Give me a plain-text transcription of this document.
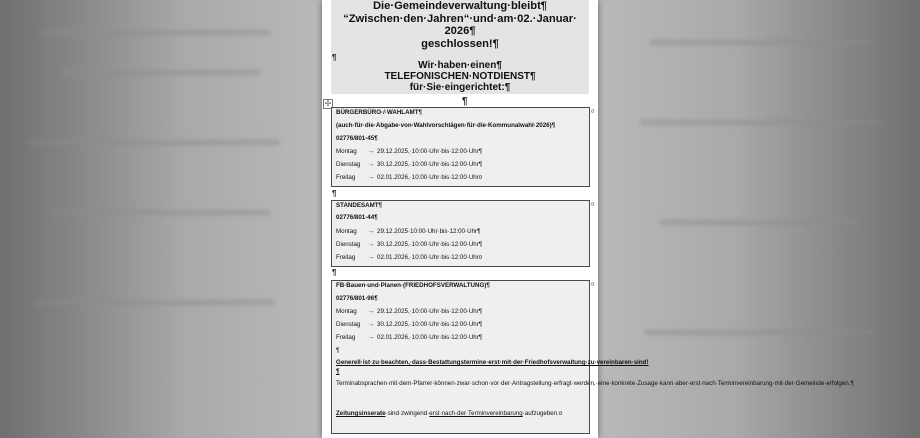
Die·Gemeindeverwaltung·bleibt¶
“Zwischen·den·Jahren“·und·am·02.·Januar·
2026¶
geschlossen!¶
Wir·haben·einen¶
TELEFONISCHEN·NOTDIENST¶
für·Sie·eingerichtet:¶
¶
¶
✢
BÜRGERBÜRO·/·WAHLAMT¶
(auch·für·die·Abgabe·von·Wahlvorschlägen·für·die·Kommunalwahl·2026)¶
02776/801-45¶
Montag → 29.12.2025,·10:00·Uhr·bis·12:00·Uhr¶
Dienstag → 30.12.2025,·10:00·Uhr·bis·12:00·Uhr¶
Freitag → 02.01.2026,·10:00·Uhr·bis·12:00·Uhr¤
¤
¶
STANDESAMT¶
02776/801-44¶
Montag → 29.12.2025·10:00·Uhr·bis·12:00·Uhr¶
Dienstag → 30.12.2025,·10:00·Uhr·bis·12:00·Uhr¶
Freitag → 02.01.2026,·10:00·Uhr·bis·12:00·Uhr¤
¤
¶
FB·Bauen·und·Planen·(FRIEDHOFSVERWALTUNG)¶
02776/801-96¶
Montag → 29.12.2025,·10:00·Uhr·bis·12:00·Uhr¶
Dienstag → 30.12.2025,·10:00·Uhr·bis·12:00·Uhr¶
Freitag → 02.01.2026,·10:00·Uhr·bis·12:00·Uhr¶
¶
Generell·ist·zu·beachten,·dass·Bestattungstermine·erst·mit·der·Friedhofsverwaltung·zu·vereinbaren·sind!¶
Terminabsprachen·mit·dem·Pfarrer·können·zwar·schon·vor·der·Antragstellung·erfragt·werden,·eine·konkrete·Zusage·kann·aber·erst·nach·Terminvereinbarung·mit·der·Gemeinde·erfolgen.¶
Zeitungsinserate·sind·zwingend·erst·nach·der·Terminvereinbarung·aufzugeben.¤
¤
